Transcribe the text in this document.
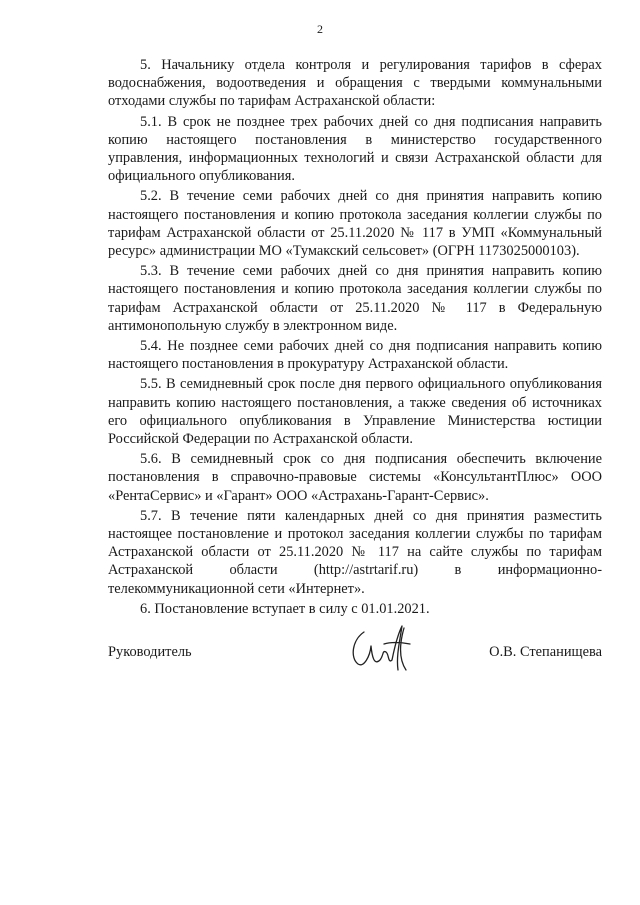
2

5. Начальнику отдела контроля и регулирования тарифов в сферах водоснабжения, водоотведения и обращения с твердыми коммунальными отходами службы по тарифам Астраханской области:

5.1. В срок не позднее трех рабочих дней со дня подписания направить копию настоящего постановления в министерство государственного управления, информационных технологий и связи Астраханской области для официального опубликования.

5.2. В течение семи рабочих дней со дня принятия направить копию настоящего постановления и копию протокола заседания коллегии службы по тарифам Астраханской области от 25.11.2020 № 117 в УМП «Коммунальный ресурс» администрации МО «Тумакский сельсовет» (ОГРН 1173025000103).

5.3. В течение семи рабочих дней со дня принятия направить копию настоящего постановления и копию протокола заседания коллегии службы по тарифам Астраханской области от 25.11.2020 № 117 в Федеральную антимонопольную службу в электронном виде.

5.4. Не позднее семи рабочих дней со дня подписания направить копию настоящего постановления в прокуратуру Астраханской области.

5.5. В семидневный срок после дня первого официального опубликования направить копию настоящего постановления, а также сведения об источниках его официального опубликования в Управление Министерства юстиции Российской Федерации по Астраханской области.

5.6. В семидневный срок со дня подписания обеспечить включение постановления в справочно-правовые системы «КонсультантПлюс» ООО «РентаСервис» и «Гарант» ООО «Астрахань-Гарант-Сервис».

5.7. В течение пяти календарных дней со дня принятия разместить настоящее постановление и протокол заседания коллегии службы по тарифам Астраханской области от 25.11.2020 № 117 на сайте службы по тарифам Астраханской области (http://astrtarif.ru) в информационно-телекоммуникационной сети «Интернет».

6. Постановление вступает в силу с 01.01.2021.

Руководитель	О.В. Степанищева
